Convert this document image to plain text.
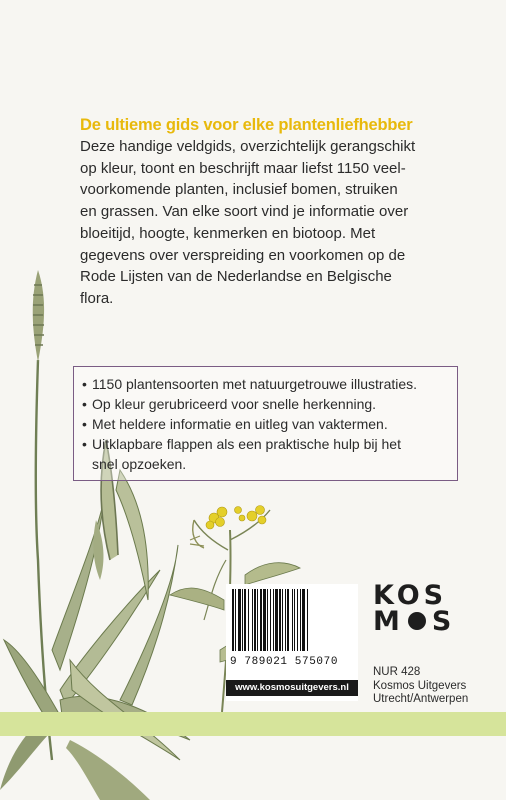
De ultieme gids voor elke plantenliefhebber
Deze handige veldgids, overzichtelijk gerangschikt
op kleur, toont en beschrijft maar liefst 1150 veel-
voorkomende planten, inclusief bomen, struiken
en grassen. Van elke soort vind je informatie over
bloeitijd, hoogte, kenmerken en biotoop. Met
gegevens over verspreiding en voorkomen op de
Rode Lijsten van de Nederlandse en Belgische
flora.
• 1150 plantensoorten met natuurgetrouwe illustraties.
• Op kleur gerubriceerd voor snelle herkenning.
• Met heldere informatie en uitleg van vaktermen.
• Uitklapbare flappen als een praktische hulp bij het
snel opzoeken.
KOS
M S
9 789021 575070
www.kosmosuitgevers.nl
NUR 428
Kosmos Uitgevers
Utrecht/Antwerpen
